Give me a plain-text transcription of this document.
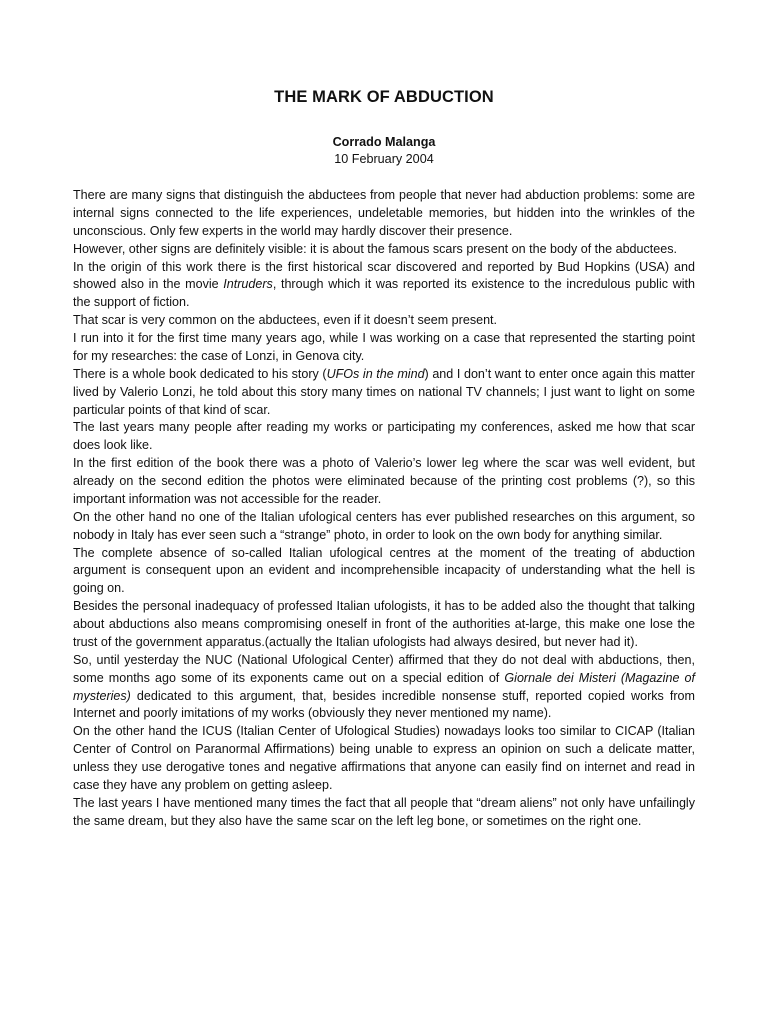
THE MARK OF ABDUCTION
Corrado Malanga
10 February 2004

There are many signs that distinguish the abductees from people that never had abduction problems: some are internal signs connected to the life experiences, undeletable memories, but hidden into the wrinkles of the unconscious. Only few experts in the world may hardly discover their presence.

However, other signs are definitely visible: it is about the famous scars present on the body of the abductees.

In the origin of this work there is the first historical scar discovered and reported by Bud Hopkins (USA) and showed also in the movie Intruders, through which it was reported its existence to the incredulous public with the support of fiction.

That scar is very common on the abductees, even if it doesn’t seem present.

I run into it for the first time many years ago, while I was working on a case that represented the starting point for my researches: the case of Lonzi, in Genova city.

There is a whole book dedicated to his story (UFOs in the mind) and I don’t want to enter once again this matter lived by Valerio Lonzi, he told about this story many times on national TV channels; I just want to light on some particular points of that kind of scar.

The last years many people after reading my works or participating my conferences, asked me how that scar does look like.

In the first edition of the book there was a photo of Valerio’s lower leg where the scar was well evident, but already on the second edition the photos were eliminated because of the printing cost problems (?), so this important information was not accessible for the reader.

On the other hand no one of the Italian ufological centers has ever published researches on this argument, so nobody in Italy has ever seen such a “strange” photo, in order to look on the own body for anything similar.

The complete absence of so-called Italian ufological centres at the moment of the treating of abduction argument is consequent upon an evident and incomprehensible incapacity of understanding what the hell is going on.

Besides the personal inadequacy of professed Italian ufologists, it has to be added also the thought that talking about abductions also means compromising oneself in front of the authorities at-large, this make one lose the trust of the government apparatus.(actually the Italian ufologists had always desired, but never had it).

So, until yesterday the NUC (National Ufological Center) affirmed that they do not deal with abductions, then, some months ago some of its exponents came out on a special edition of Giornale dei Misteri (Magazine of mysteries) dedicated to this argument, that, besides incredible nonsense stuff, reported copied works from Internet and poorly imitations of my works (obviously they never mentioned my name).

On the other hand the ICUS (Italian Center of Ufological Studies) nowadays looks too similar to CICAP (Italian Center of Control on Paranormal Affirmations) being unable to express an opinion on such a delicate matter, unless they use derogative tones and negative affirmations that anyone can easily find on internet and read in case they have any problem on getting asleep.

The last years I have mentioned many times the fact that all people that “dream aliens” not only have unfailingly the same dream, but they also have the same scar on the left leg bone, or sometimes on the right one.
